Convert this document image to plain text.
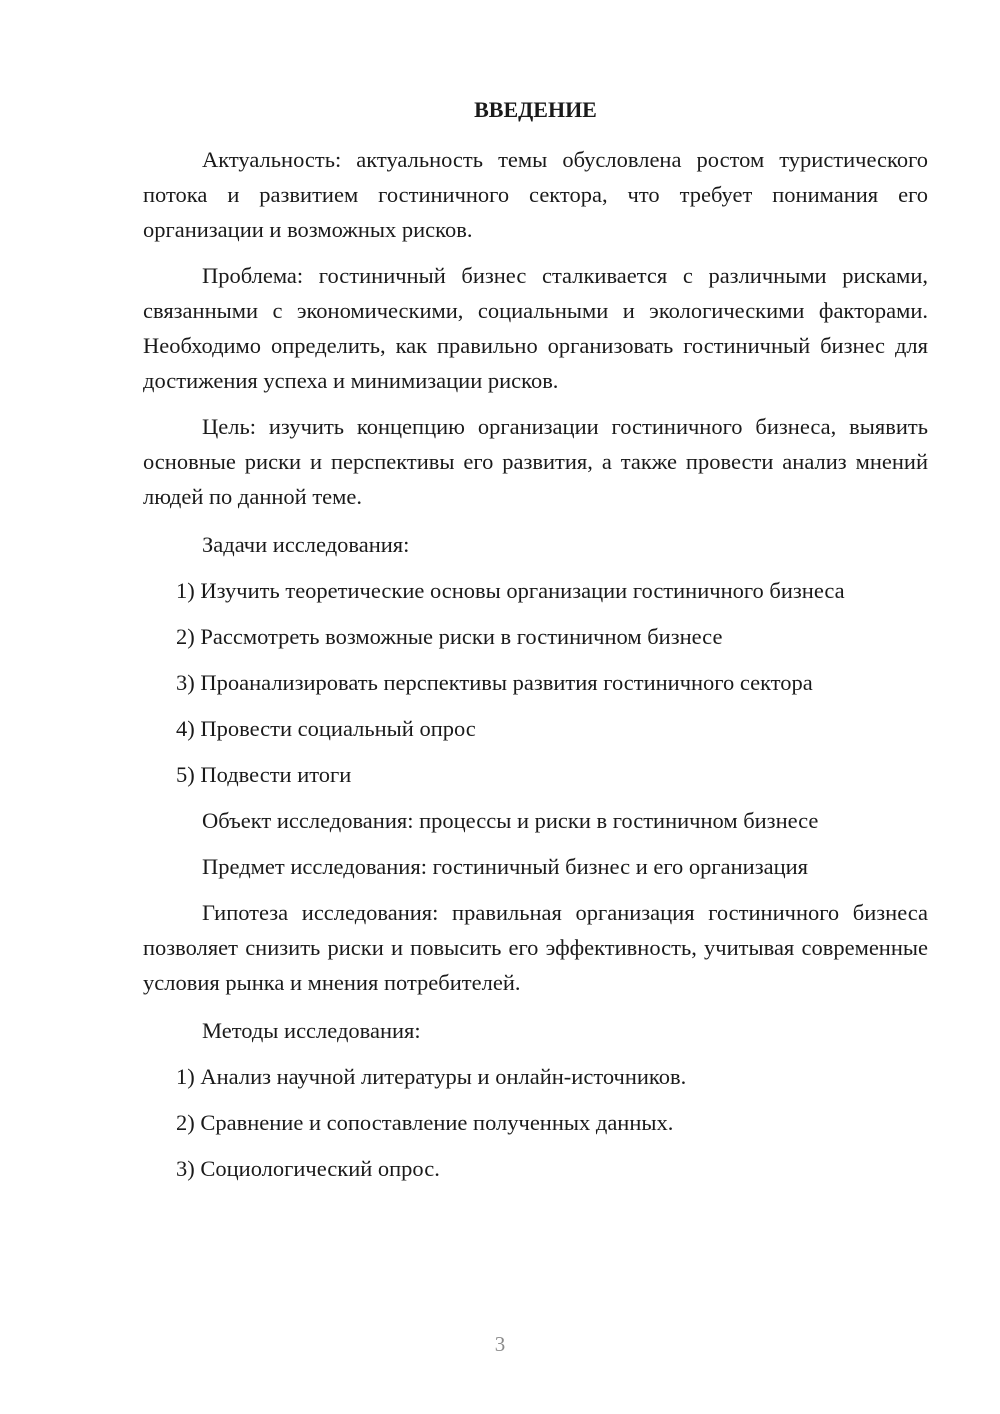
ВВЕДЕНИЕ

Актуальность: актуальность темы обусловлена ростом туристического потока и развитием гостиничного сектора, что требует понимания его организации и возможных рисков.

Проблема: гостиничный бизнес сталкивается с различными рисками, связанными с экономическими, социальными и экологическими факторами. Необходимо определить, как правильно организовать гостиничный бизнес для достижения успеха и минимизации рисков.

Цель: изучить концепцию организации гостиничного бизнеса, выявить основные риски и перспективы его развития, а также провести анализ мнений людей по данной теме.

Задачи исследования:

1) Изучить теоретические основы организации гостиничного бизнеса

2) Рассмотреть возможные риски в гостиничном бизнесе

3) Проанализировать перспективы развития гостиничного сектора

4) Провести социальный опрос

5) Подвести итоги

Объект исследования: процессы и риски в гостиничном бизнесе

Предмет исследования: гостиничный бизнес и его организация

Гипотеза исследования: правильная организация гостиничного бизнеса позволяет снизить риски и повысить его эффективность, учитывая современные условия рынка и мнения потребителей.

Методы исследования:

1) Анализ научной литературы и онлайн-источников.

2) Сравнение и сопоставление полученных данных.

3) Социологический опрос.

3
